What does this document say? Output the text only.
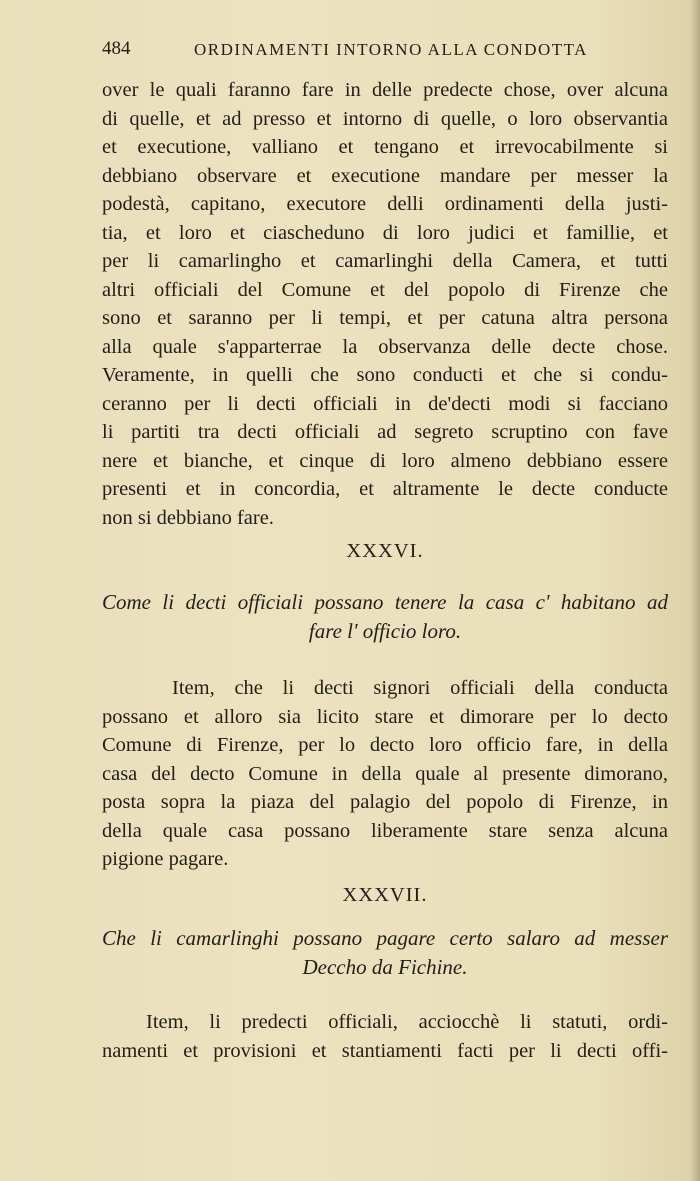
484	ORDINAMENTI INTORNO ALLA CONDOTTA
over le quali faranno fare in delle predecte chose, over alcuna
di quelle, et ad presso et intorno di quelle, o loro observantia
et executione, valliano et tengano et irrevocabilmente si
debbiano observare et executione mandare per messer la
podestà, capitano, executore delli ordinamenti della justi-
tia, et loro et ciascheduno di loro judici et famillie, et
per li camarlingho et camarlinghi della Camera, et tutti
altri officiali del Comune et del popolo di Firenze che
sono et saranno per li tempi, et per catuna altra persona
alla quale s'apparterrae la observanza delle decte chose.
Veramente, in quelli che sono conducti et che si condu-
ceranno per li decti officiali in de'decti modi si facciano
li partiti tra decti officiali ad segreto scruptino con fave
nere et bianche, et cinque di loro almeno debbiano essere
presenti et in concordia, et altramente le decte conducte
non si debbiano fare.
XXXVI.
Come li decti officiali possano tenere la casa c' habitano ad
fare l' officio loro.
Item, che li decti signori officiali della conducta
possano et alloro sia licito stare et dimorare per lo decto
Comune di Firenze, per lo decto loro officio fare, in della
casa del decto Comune in della quale al presente dimorano,
posta sopra la piaza del palagio del popolo di Firenze, in
della quale casa possano liberamente stare senza alcuna
pigione pagare.
XXXVII.
Che li camarlinghi possano pagare certo salaro ad messer
Deccho da Fichine.
Item, li predecti officiali, acciocchè li statuti, ordi-
namenti et provisioni et stantiamenti facti per li decti offi-
